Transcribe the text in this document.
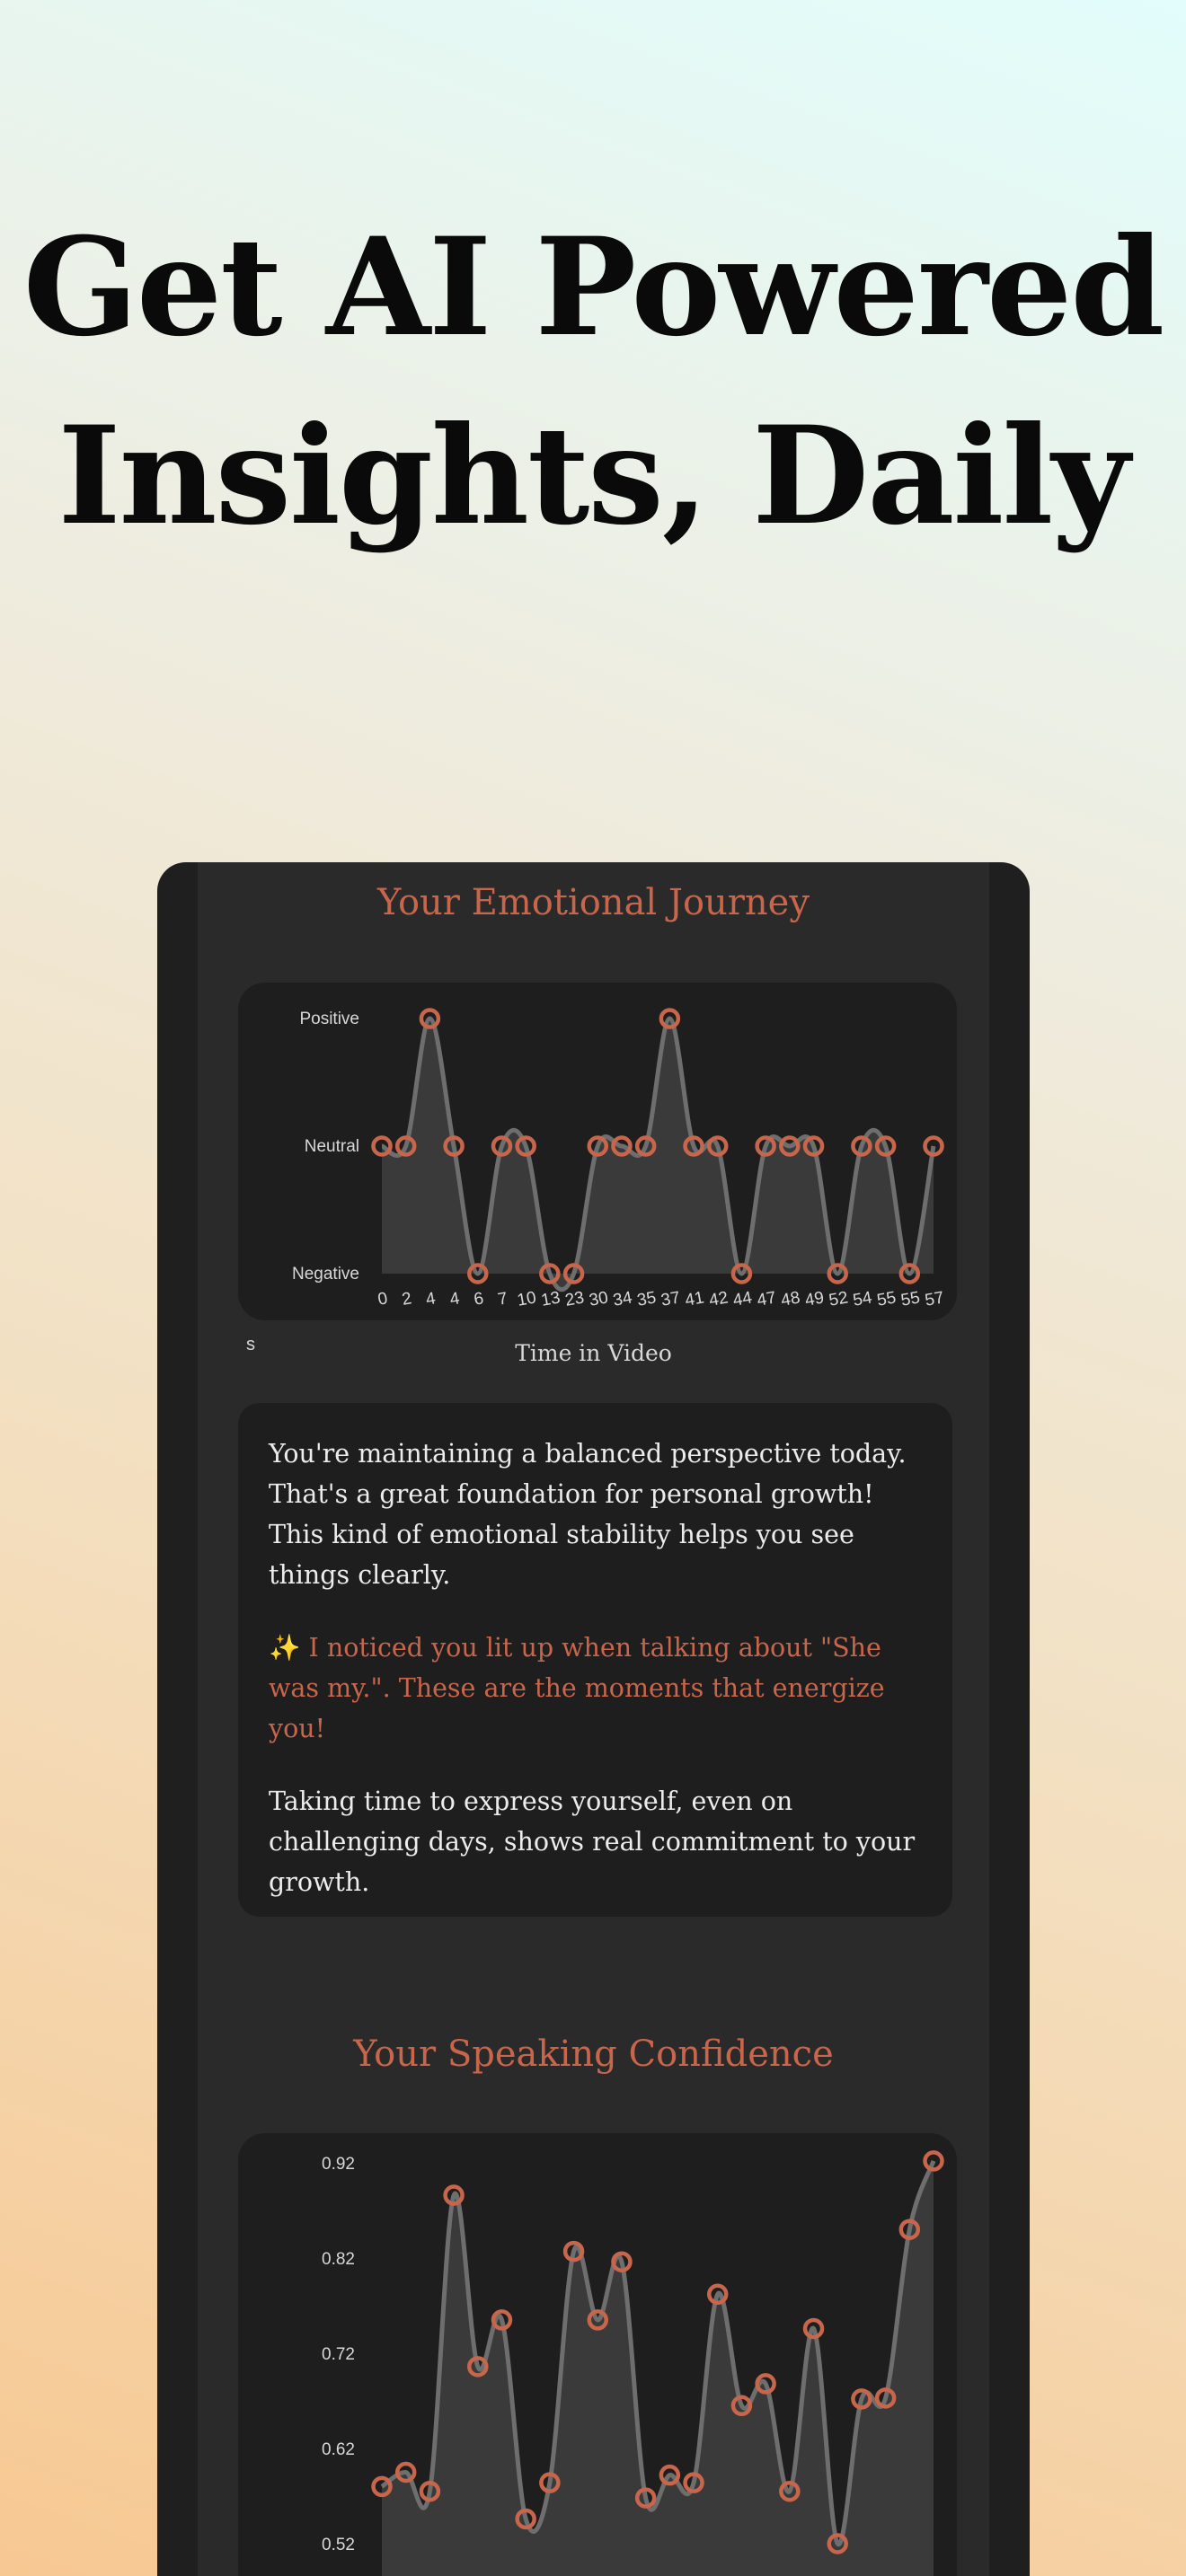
Get AI Powered Insights, Daily
Your Emotional Journey
Negative
Neutral
Positive
0 2 4 4 6 7 10 13 23 30 34 35 37 41 42 44 47 48 49 52 54 55 55 57
s	Time in Video

You're maintaining a balanced perspective today. That's a great foundation for personal growth! This kind of emotional stability helps you see things clearly.

✨ I noticed you lit up when talking about "She was my.". These are the moments that energize you!

Taking time to express yourself, even on challenging days, shows real commitment to your growth.

Your Speaking Confidence
0.52
0.62
0.72
0.82
0.92
